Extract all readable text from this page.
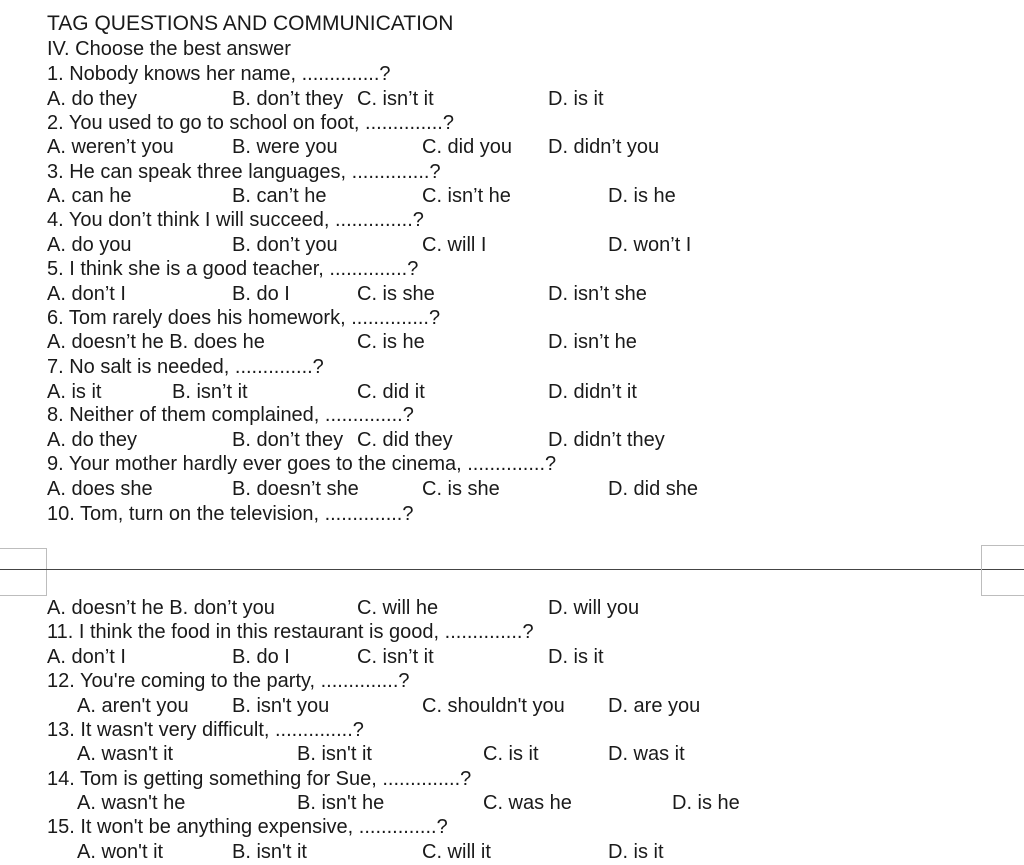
TAG QUESTIONS AND COMMUNICATION
IV. Choose the best answer
1. Nobody knows her name, ..............?
A. do they	B. don’t they C. isn’t it	D. is it
2. You used to go to school on foot, ..............?
A. weren’t you	B. were you	C. did you D. didn’t you
3. He can speak three languages, ..............?
A. can he	B. can’t he	C. isn’t he	D. is he
4. You don’t think I will succeed, ..............?
A. do you	B. don’t you	C. will I	D. won’t I
5. I think she is a good teacher, ..............?
A. don’t I	B. do I	C. is she	D. isn’t she
6. Tom rarely does his homework, ..............?
A. doesn’t he B. does he	C. is he	D. isn’t he
7. No salt is needed, ..............?
A. is it	B. isn’t it	C. did it	D. didn’t it
8. Neither of them complained, ..............?
A. do they	B. don’t they C. did they	D. didn’t they
9. Your mother hardly ever goes to the cinema, ..............?
A. does she	B. doesn’t she	C. is she	D. did she
10. Tom, turn on the television, ..............?
A. doesn’t he B. don’t you	C. will he	D. will you
11. I think the food in this restaurant is good, ..............?
A. don’t I	B. do I	C. isn’t it	D. is it
12. You're coming to the party, ..............?
A. aren't you B. isn't you	C. shouldn't you D. are you
13. It wasn't very difficult, ..............?
A. wasn't it	B. isn't it	C. is it	D. was it
14. Tom is getting something for Sue, ..............?
A. wasn't he	B. isn't he	C. was he	D. is he
15. It won't be anything expensive, ..............?
A. won't it	B. isn't it	C. will it	D. is it
